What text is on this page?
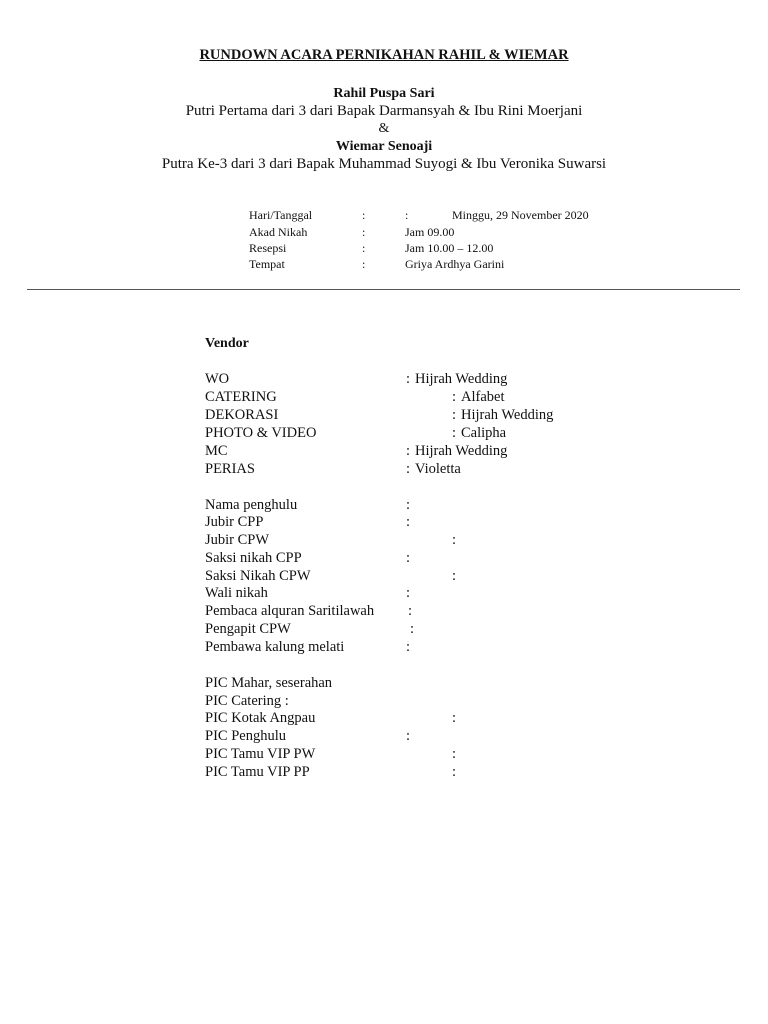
RUNDOWN ACARA PERNIKAHAN RAHIL & WIEMAR
Rahil Puspa Sari
Putri Pertama dari 3 dari Bapak Darmansyah & Ibu Rini Moerjani
&
Wiemar Senoaji
Putra Ke-3 dari 3 dari Bapak Muhammad Suyogi & Ibu Veronika Suwarsi
Hari/Tanggal	:	:	Minggu, 29 November 2020
Akad Nikah	:	Jam 09.00
Resepsi	:	Jam 10.00 – 12.00
Tempat	:	Griya Ardhya Garini
Vendor
WO	: Hijrah Wedding
CATERING	: Alfabet
DEKORASI	: Hijrah Wedding
PHOTO & VIDEO	: Calipha
MC	: Hijrah Wedding
PERIAS	: Violetta
Nama penghulu	:
Jubir CPP	:
Jubir CPW	:
Saksi nikah CPP	:
Saksi Nikah CPW	:
Wali nikah	:
Pembaca alquran Saritilawah :
Pengapit CPW	:
Pembawa kalung melati	:
PIC Mahar, seserahan
PIC Catering :
PIC Kotak Angpau	:
PIC Penghulu	:
PIC Tamu VIP PW	:
PIC Tamu VIP PP	:
